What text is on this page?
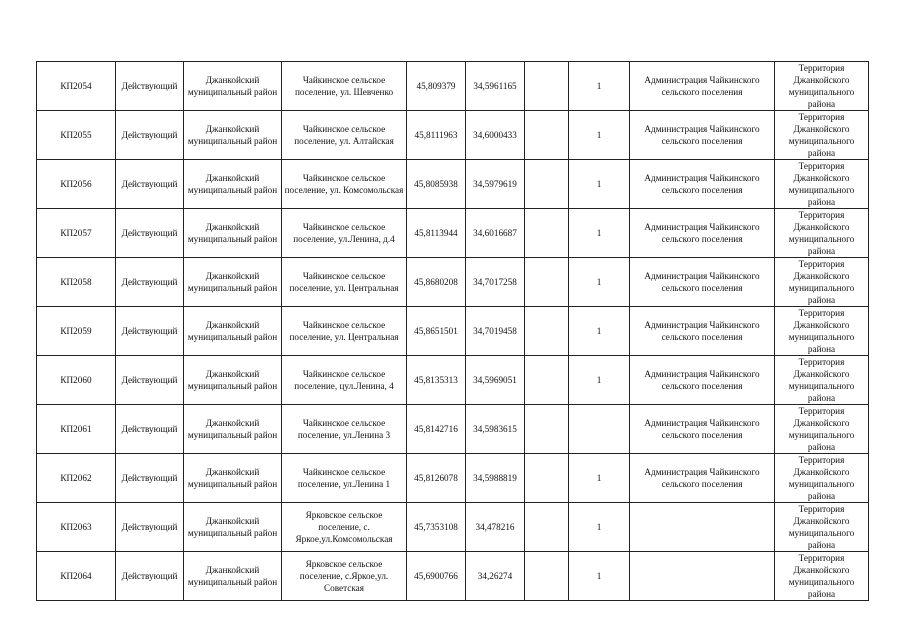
КП2054	Действующий	Джанкойский муниципальный район	Чайкинское сельское поселение, ул. Шевченко	45,809379	34,5961165		1	Администрация Чайкинского сельского поселения	Территория Джанкойского муниципального района
КП2055	Действующий	Джанкойский муниципальный район	Чайкинское сельское поселение, ул. Алтайская	45,8111963	34,6000433		1	Администрация Чайкинского сельского поселения	Территория Джанкойского муниципального района
КП2056	Действующий	Джанкойский муниципальный район	Чайкинское сельское поселение, ул. Комсомольская	45,8085938	34,5979619		1	Администрация Чайкинского сельского поселения	Территория Джанкойского муниципального района
КП2057	Действующий	Джанкойский муниципальный район	Чайкинское сельское поселение, ул.Ленина, д.4	45,8113944	34,6016687		1	Администрация Чайкинского сельского поселения	Территория Джанкойского муниципального района
КП2058	Действующий	Джанкойский муниципальный район	Чайкинское сельское поселение, ул. Центральная	45,8680208	34,7017258		1	Администрация Чайкинского сельского поселения	Территория Джанкойского муниципального района
КП2059	Действующий	Джанкойский муниципальный район	Чайкинское сельское поселение, ул. Центральная	45,8651501	34,7019458		1	Администрация Чайкинского сельского поселения	Территория Джанкойского муниципального района
КП2060	Действующий	Джанкойский муниципальный район	Чайкинское сельское поселение, цул.Ленина, 4	45,8135313	34,5969051		1	Администрация Чайкинского сельского поселения	Территория Джанкойского муниципального района
КП2061	Действующий	Джанкойский муниципальный район	Чайкинское сельское поселение, ул.Ленина 3	45,8142716	34,5983615			Администрация Чайкинского сельского поселения	Территория Джанкойского муниципального района
КП2062	Действующий	Джанкойский муниципальный район	Чайкинское сельское поселение, ул.Ленина 1	45,8126078	34,5988819		1	Администрация Чайкинского сельского поселения	Территория Джанкойского муниципального района
КП2063	Действующий	Джанкойский муниципальный район	Ярковское сельское поселение, с. Яркое,ул.Комсомольская	45,7353108	34,478216		1		Территория Джанкойского муниципального района
КП2064	Действующий	Джанкойский муниципальный район	Ярковское сельское поселение, с.Яркое,ул. Советская	45,6900766	34,26274		1		Территория Джанкойского муниципального района
